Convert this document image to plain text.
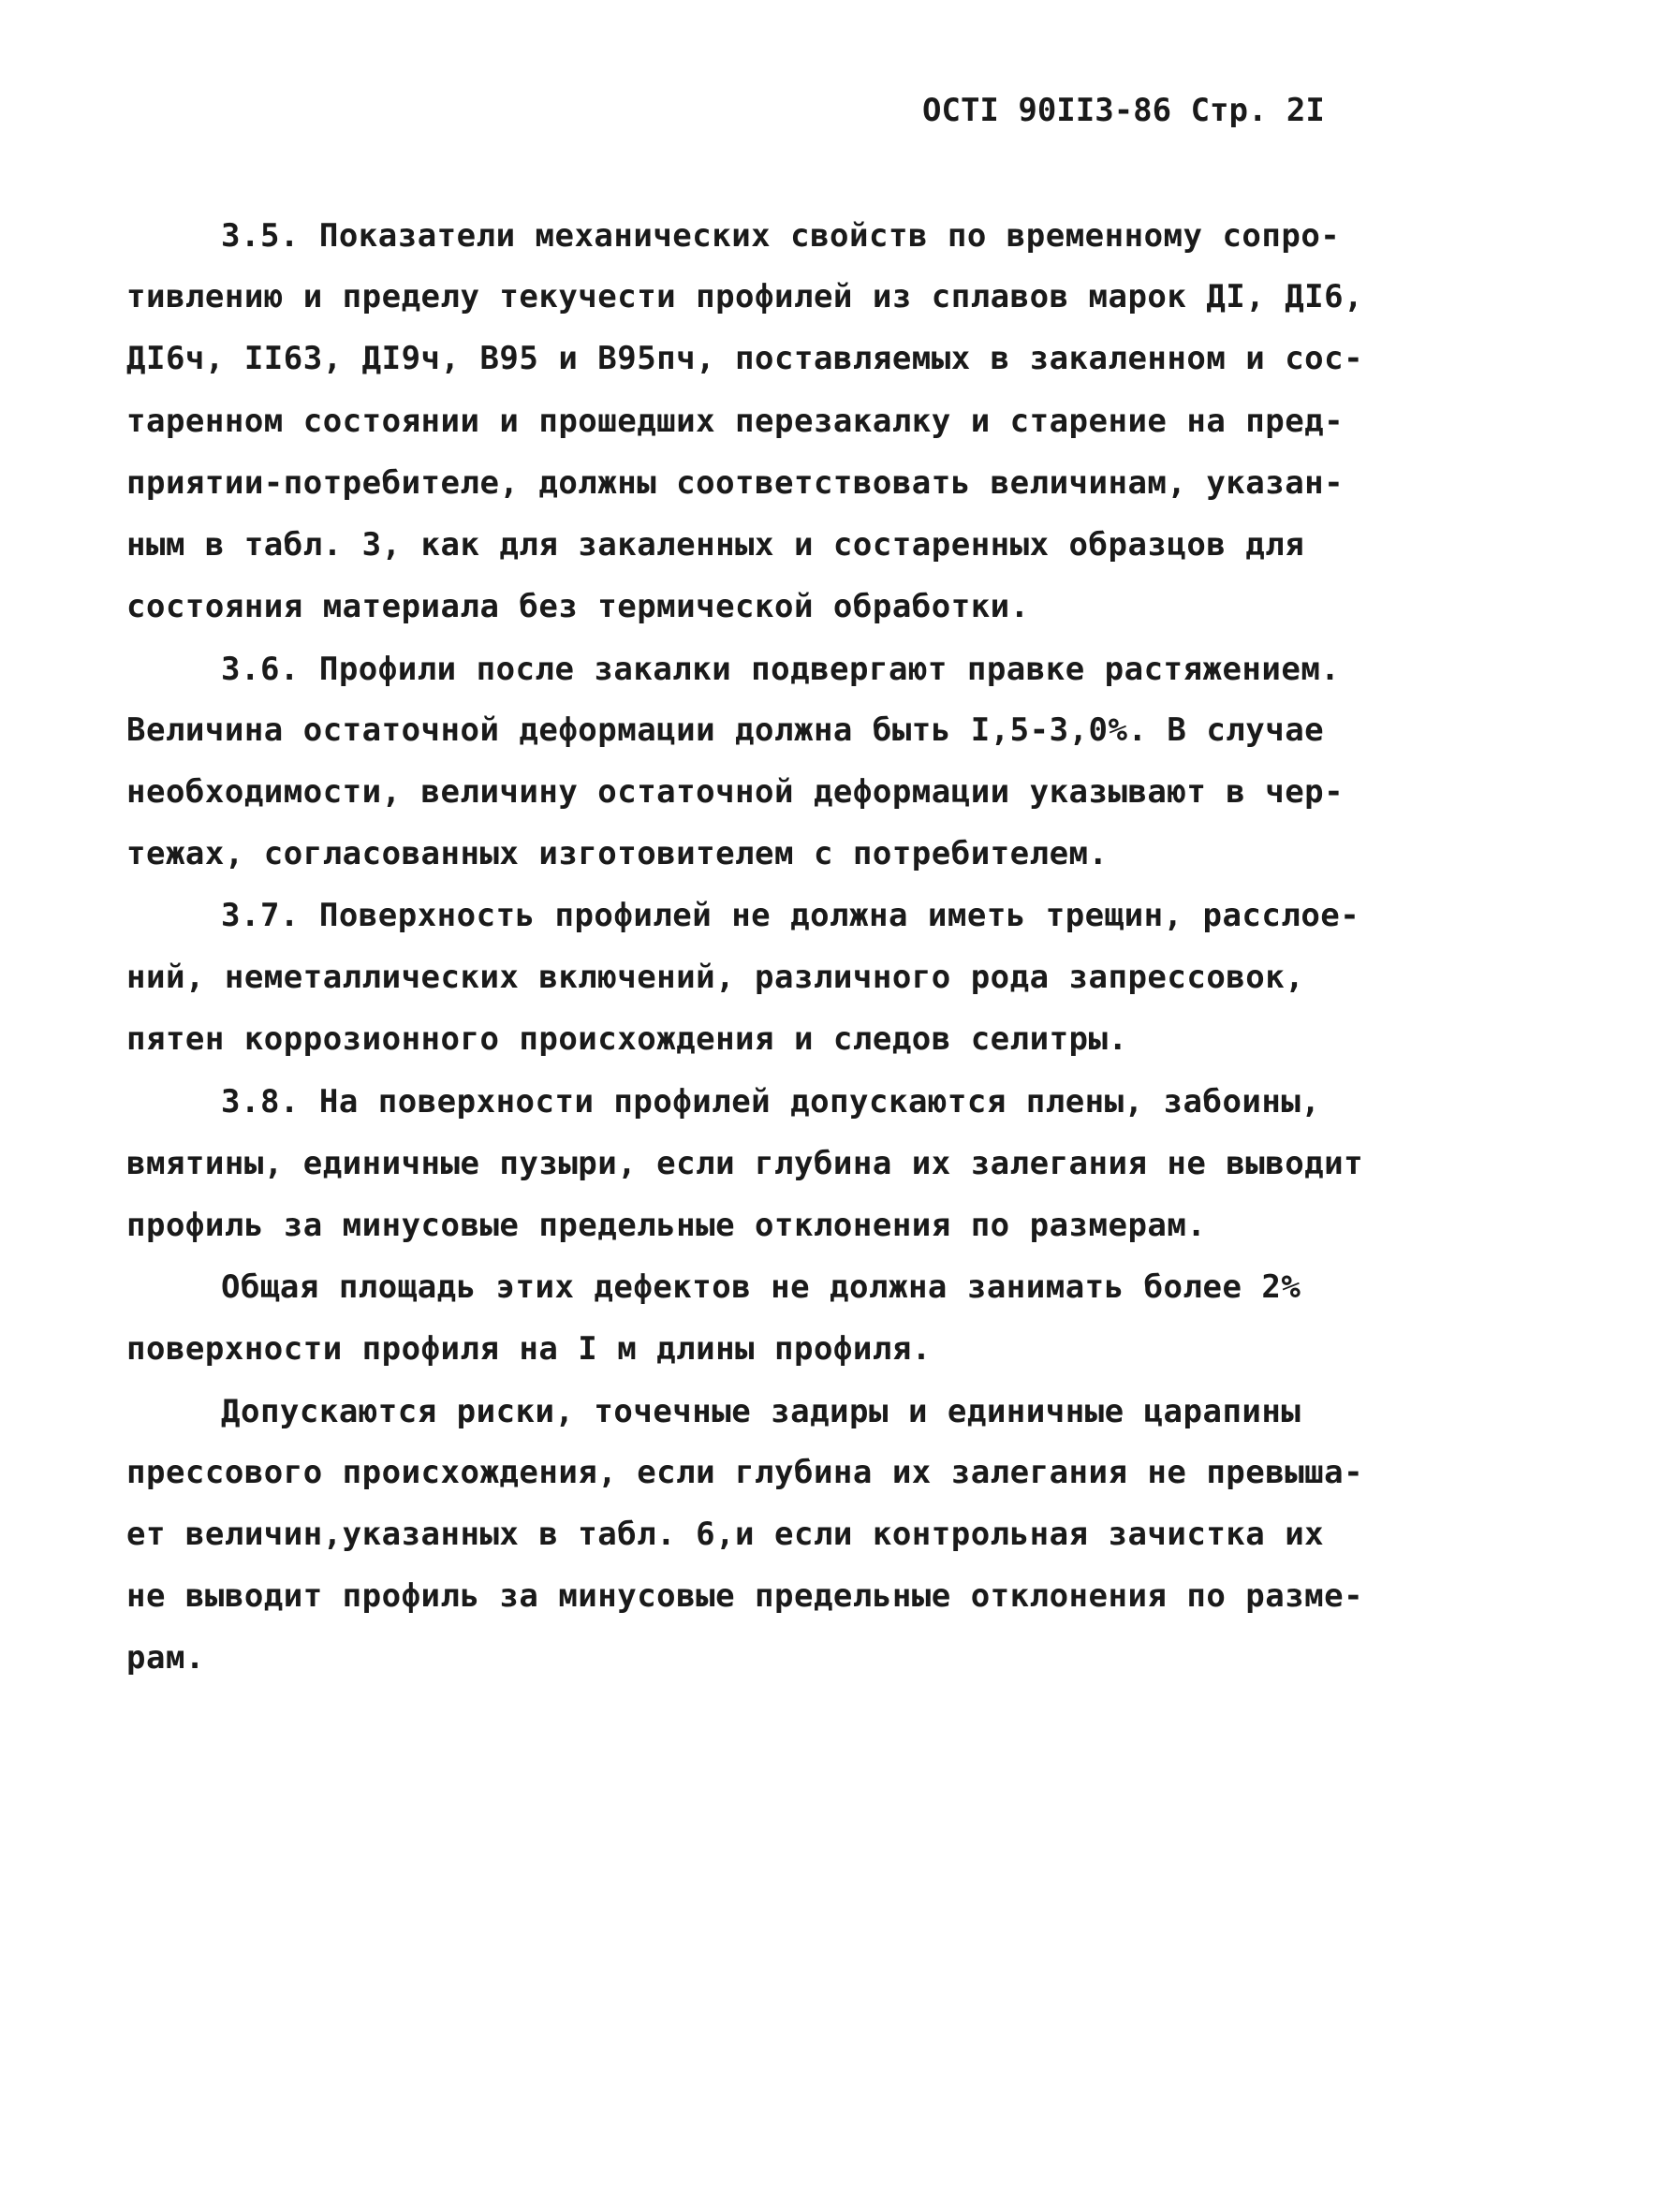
ОСТI 90II3-86 Стр. 2I
3.5. Показатели механических свойств по временному сопро-
тивлению и пределу текучести профилей из сплавов марок ДI, ДI6,
ДI6ч, II63, ДI9ч, В95 и В95пч, поставляемых в закаленном и сос-
таренном состоянии и прошедших перезакалку и старение на пред-
приятии-потребителе, должны соответствовать величинам, указан-
ным в табл. 3, как для закаленных и состаренных образцов для
состояния материала без термической обработки.
3.6. Профили после закалки подвергают правке растяжением.
Величина остаточной деформации должна быть I,5-3,0%. В случае
необходимости, величину остаточной деформации указывают в чер-
тежах, согласованных изготовителем с потребителем.
3.7. Поверхность профилей не должна иметь трещин, расслое-
ний, неметаллических включений, различного рода запрессовок,
пятен коррозионного происхождения и следов селитры.
3.8. На поверхности профилей допускаются плены, забоины,
вмятины, единичные пузыри, если глубина их залегания не выводит
профиль за минусовые предельные отклонения по размерам.
Общая площадь этих дефектов не должна занимать более 2%
поверхности профиля на I м длины профиля.
Допускаются риски, точечные задиры и единичные царапины
прессового происхождения, если глубина их залегания не превыша-
ет величин,указанных в табл. 6,и если контрольная зачистка их
не выводит профиль за минусовые предельные отклонения по разме-
рам.
